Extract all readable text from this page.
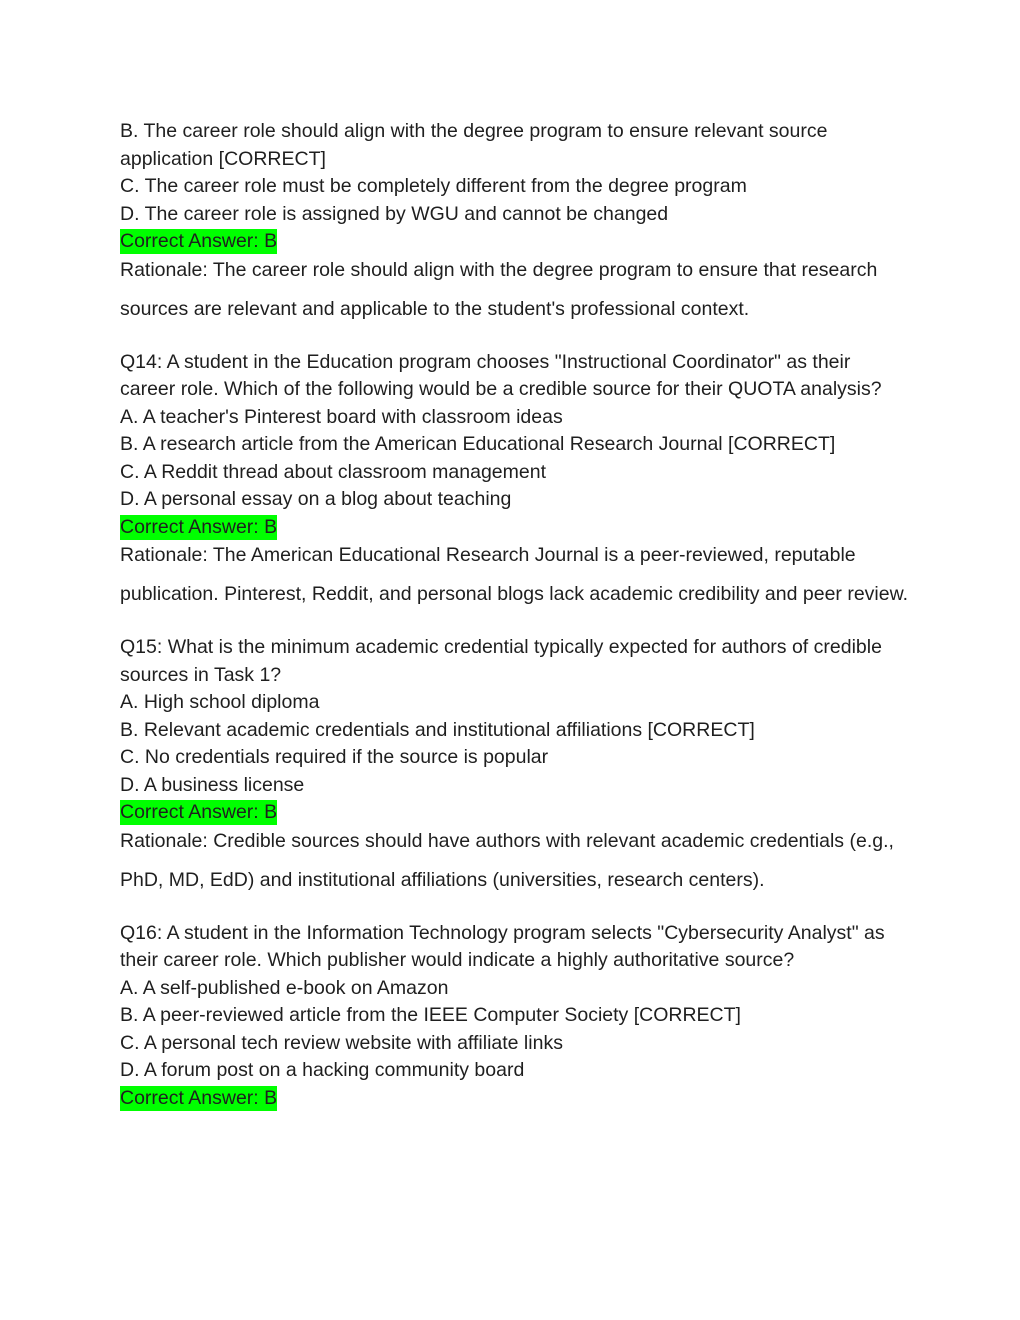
B. The career role should align with the degree program to ensure relevant source application [CORRECT]
C. The career role must be completely different from the degree program
D. The career role is assigned by WGU and cannot be changed
Correct Answer: B
Rationale: The career role should align with the degree program to ensure that research sources are relevant and applicable to the student's professional context.
Q14: A student in the Education program chooses "Instructional Coordinator" as their career role. Which of the following would be a credible source for their QUOTA analysis?
A. A teacher's Pinterest board with classroom ideas
B. A research article from the American Educational Research Journal [CORRECT]
C. A Reddit thread about classroom management
D. A personal essay on a blog about teaching
Correct Answer: B
Rationale: The American Educational Research Journal is a peer-reviewed, reputable publication. Pinterest, Reddit, and personal blogs lack academic credibility and peer review.
Q15: What is the minimum academic credential typically expected for authors of credible sources in Task 1?
A. High school diploma
B. Relevant academic credentials and institutional affiliations [CORRECT]
C. No credentials required if the source is popular
D. A business license
Correct Answer: B
Rationale: Credible sources should have authors with relevant academic credentials (e.g., PhD, MD, EdD) and institutional affiliations (universities, research centers).
Q16: A student in the Information Technology program selects "Cybersecurity Analyst" as their career role. Which publisher would indicate a highly authoritative source?
A. A self-published e-book on Amazon
B. A peer-reviewed article from the IEEE Computer Society [CORRECT]
C. A personal tech review website with affiliate links
D. A forum post on a hacking community board
Correct Answer: B
